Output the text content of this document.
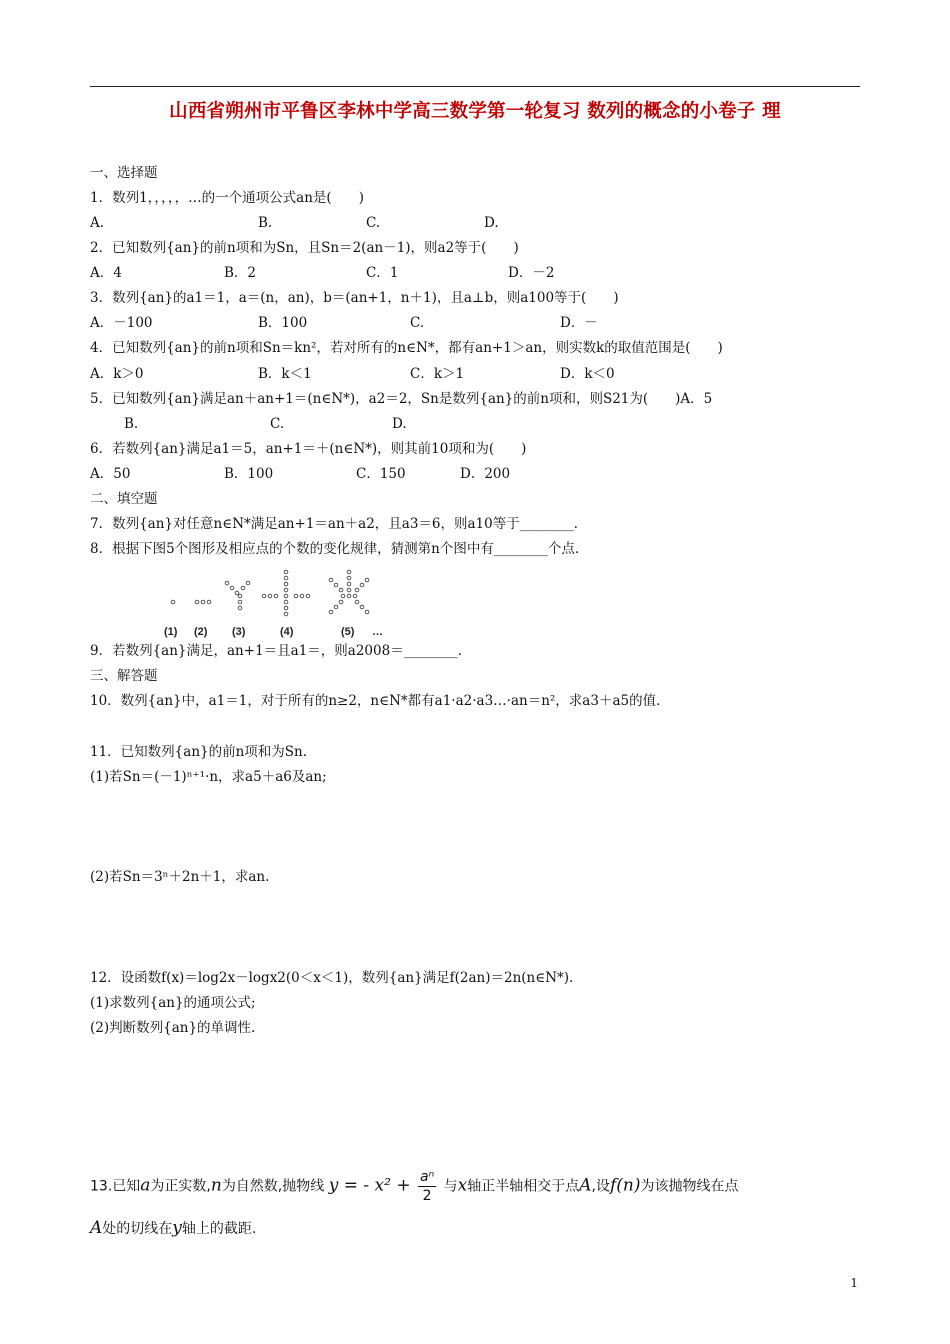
山西省朔州市平鲁区李林中学高三数学第一轮复习 数列的概念的小卷子 理
一、选择题
1．数列1，，，，，…的一个通项公式an是(　　)
A.	B.	C.	D.
2．已知数列{an}的前n项和为Sn，且Sn＝2(an－1)，则a2等于(　　)
A．4	B．2	C．1	D．－2
3．数列{an}的a1＝1，a＝(n，an)，b＝(an+1，n＋1)，且a⊥b，则a100等于(　　)
A．－100	B．100	C.	D．－
4．已知数列{an}的前n项和Sn＝kn²，若对所有的n∈N*，都有an+1＞an，则实数k的取值范围是(　　)
A．k＞0	B．k＜1	C．k＞1	D．k＜0
5．已知数列{an}满足an＋an+1＝(n∈N*)，a2＝2，Sn是数列{an}的前n项和，则S21为(　　)A．5
B.	C.	D.
6．若数列{an}满足a1＝5，an+1＝＋(n∈N*)，则其前10项和为(　　)
A．50	B．100	C．150	D．200
二、填空题
7．数列{an}对任意n∈N*满足an+1＝an＋a2，且a3＝6，则a10等于________．
8．根据下图5个图形及相应点的个数的变化规律，猜测第n个图中有________个点．
(1) (2) (3)	(4)	(5) …
9．若数列{an}满足，an+1＝且a1＝，则a2008＝________．
三、解答题
10．数列{an}中，a1＝1，对于所有的n≥2，n∈N*都有a1·a2·a3…·an＝n²，求a3＋a5的值．
11．已知数列{an}的前n项和为Sn.
(1)若Sn＝(－1)ⁿ⁺¹·n，求a5＋a6及an;
(2)若Sn＝3ⁿ＋2n＋1，求an.
12．设函数f(x)＝log2x－logx2(0＜x＜1)，数列{an}满足f(2an)＝2n(n∈N*)．
(1)求数列{an}的通项公式;
(2)判断数列{an}的单调性.
13.已知a为正实数,n为自然数,抛物线 y = - $x^2 + \frac{\text{aⁿ}}{2}$ 与x轴正半轴相交于点A,设f(n)为该抛物线在点
A处的切线在y轴上的截距.
1
